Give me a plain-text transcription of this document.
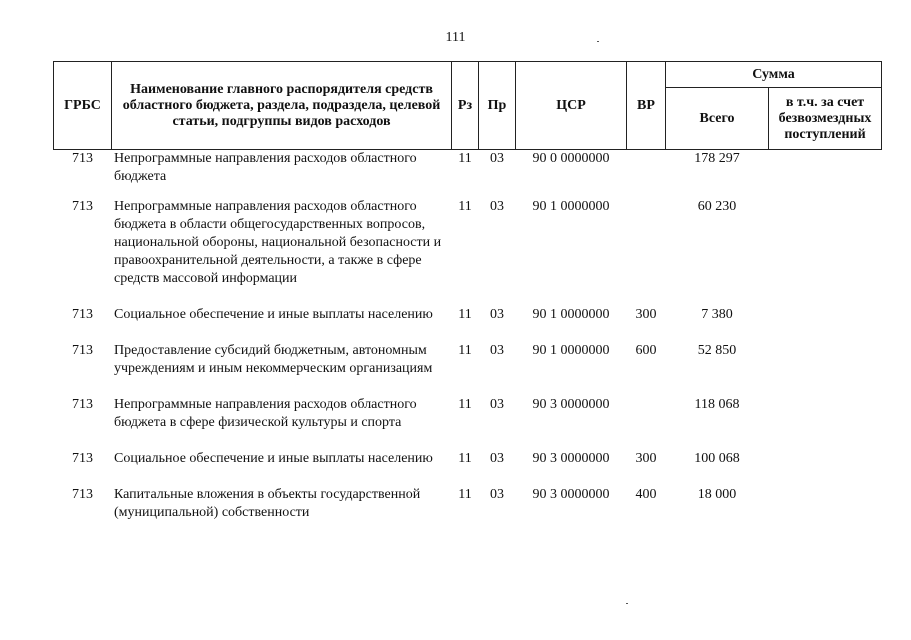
111
ГРБС	Наименование главного распорядителя средств областного бюджета, раздела, подраздела, целевой статьи, подгруппы видов расходов	Рз	Пр	ЦСР	ВР	Сумма	
						Всего	в т.ч. за счет безвозмездных поступлений
713	Непрограммные направления расходов областного бюджета	11	03	90 0 0000000		178 297	
713	Непрограммные направления расходов областного бюджета в области общегосударственных вопросов, национальной обороны, национальной безопасности и правоохранительной деятельности, а также в сфере средств массовой информации	11	03	90 1 0000000		60 230	
713	Социальное обеспечение и иные выплаты населению	11	03	90 1 0000000	300	7 380	
713	Предоставление субсидий бюджетным, автономным учреждениям и иным некоммерческим организациям	11	03	90 1 0000000	600	52 850	
713	Непрограммные направления расходов областного бюджета в сфере физической культуры и спорта	11	03	90 3 0000000		118 068	
713	Социальное обеспечение и иные выплаты населению	11	03	90 3 0000000	300	100 068	
713	Капитальные вложения в объекты государственной (муниципальной) собственности	11	03	90 3 0000000	400	18 000	
